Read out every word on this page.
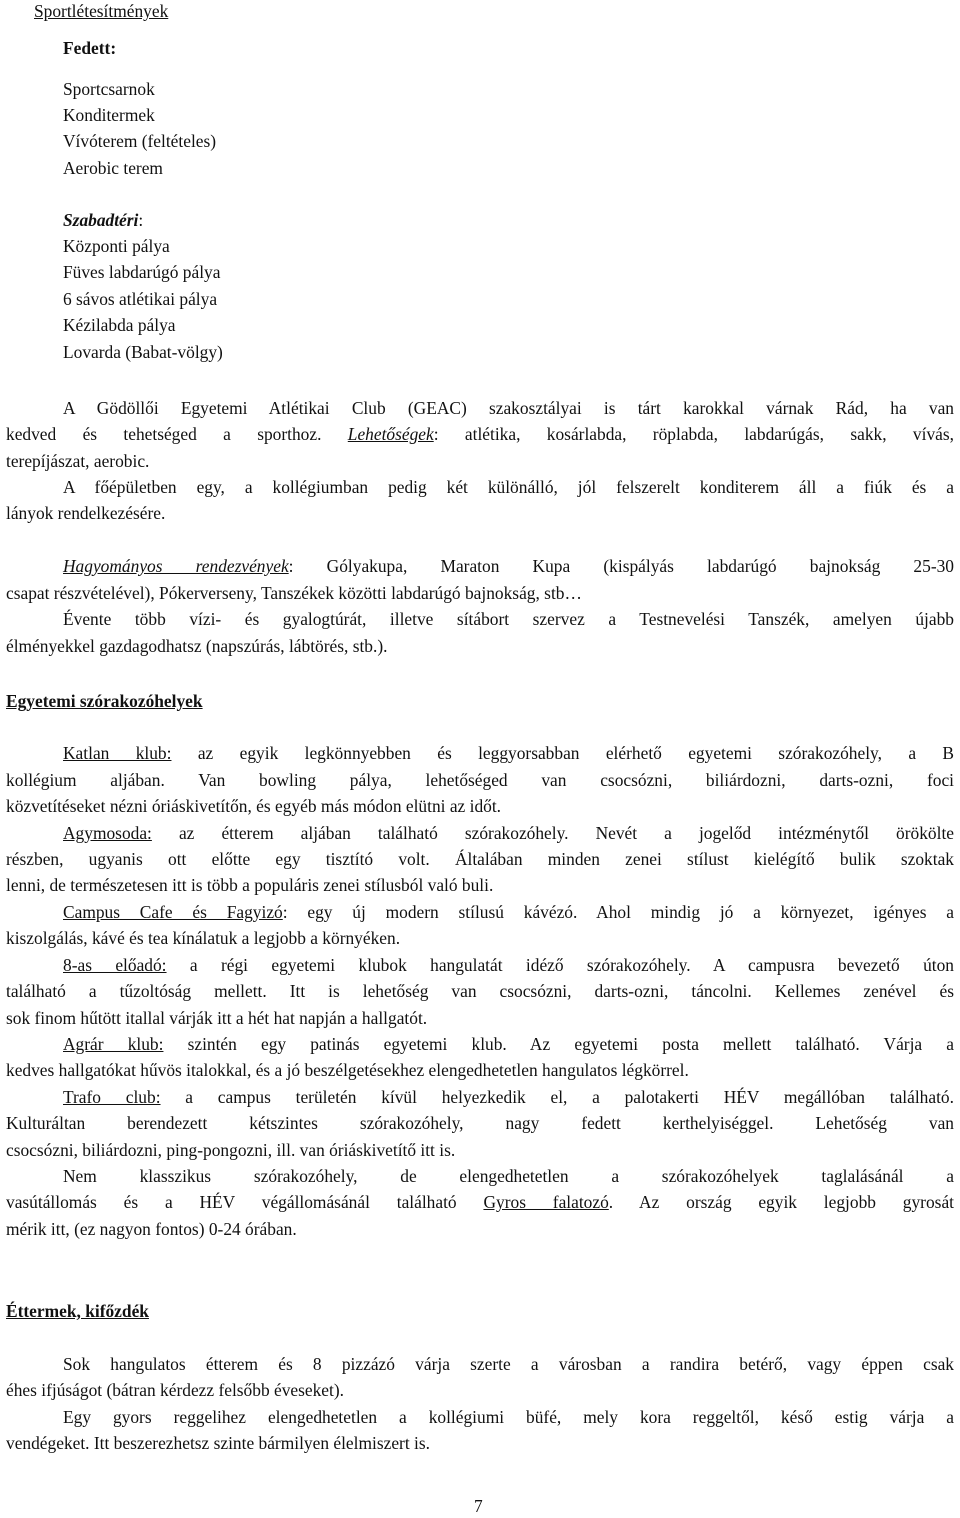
Sportlétesítmények
Fedett:
Sportcsarnok
Konditermek
Vívóterem (feltételes)
Aerobic terem
Szabadtéri:
Központi pálya
Füves labdarúgó pálya
6 sávos atlétikai pálya
Kézilabda pálya
Lovarda (Babat-völgy)
A Gödöllői Egyetemi Atlétikai Club (GEAC) szakosztályai is tárt karokkal várnak Rád, ha van
kedved és tehetséged a sporthoz. Lehetőségek: atlétika, kosárlabda, röplabda, labdarúgás, sakk, vívás,
terepíjászat, aerobic.
A főépületben egy, a kollégiumban pedig két különálló, jól felszerelt konditerem áll a fiúk és a
lányok rendelkezésére.
Hagyományos rendezvények: Gólyakupa, Maraton Kupa (kispályás labdarúgó bajnokság 25-30
csapat részvételével), Pókerverseny, Tanszékek közötti labdarúgó bajnokság, stb…
Évente több vízi- és gyalogtúrát, illetve sítábort szervez a Testnevelési Tanszék, amelyen újabb
élményekkel gazdagodhatsz (napszúrás, lábtörés, stb.).
Egyetemi szórakozóhelyek
Katlan klub: az egyik legkönnyebben és leggyorsabban elérhető egyetemi szórakozóhely, a B
kollégium aljában. Van bowling pálya, lehetőséged van csocsózni, biliárdozni, darts-ozni, foci
közvetítéseket nézni óriáskivetítőn, és egyéb más módon elütni az időt.
Agymosoda: az étterem aljában található szórakozóhely. Nevét a jogelőd intézménytől örökölte
részben, ugyanis ott előtte egy tisztító volt. Általában minden zenei stílust kielégítő bulik szoktak
lenni, de természetesen itt is több a populáris zenei stílusból való buli.
Campus Cafe és Fagyizó: egy új modern stílusú kávézó. Ahol mindig jó a környezet, igényes a
kiszolgálás, kávé és tea kínálatuk a legjobb a környéken.
8-as előadó: a régi egyetemi klubok hangulatát idéző szórakozóhely. A campusra bevezető úton
található a tűzoltóság mellett. Itt is lehetőség van csocsózni, darts-ozni, táncolni. Kellemes zenével és
sok finom hűtött itallal várják itt a hét hat napján a hallgatót.
Agrár klub: szintén egy patinás egyetemi klub. Az egyetemi posta mellett található. Várja a
kedves hallgatókat hűvös italokkal, és a jó beszélgetésekhez elengedhetetlen hangulatos légkörrel.
Trafo club: a campus területén kívül helyezkedik el, a palotakerti HÉV megállóban található.
Kulturáltan berendezett kétszintes szórakozóhely, nagy fedett kerthelyiséggel. Lehetőség van
csocsózni, biliárdozni, ping-pongozni, ill. van óriáskivetítő itt is.
Nem klasszikus szórakozóhely, de elengedhetetlen a szórakozóhelyek taglalásánál a
vasútállomás és a HÉV végállomásánál található Gyros falatozó. Az ország egyik legjobb gyrosát
mérik itt, (ez nagyon fontos) 0-24 órában.
Éttermek, kifőzdék
Sok hangulatos étterem és 8 pizzázó várja szerte a városban a randira betérő, vagy éppen csak
éhes ifjúságot (bátran kérdezz felsőbb éveseket).
Egy gyors reggelihez elengedhetetlen a kollégiumi büfé, mely kora reggeltől, késő estig várja a
vendégeket. Itt beszerezhetsz szinte bármilyen élelmiszert is.
7
